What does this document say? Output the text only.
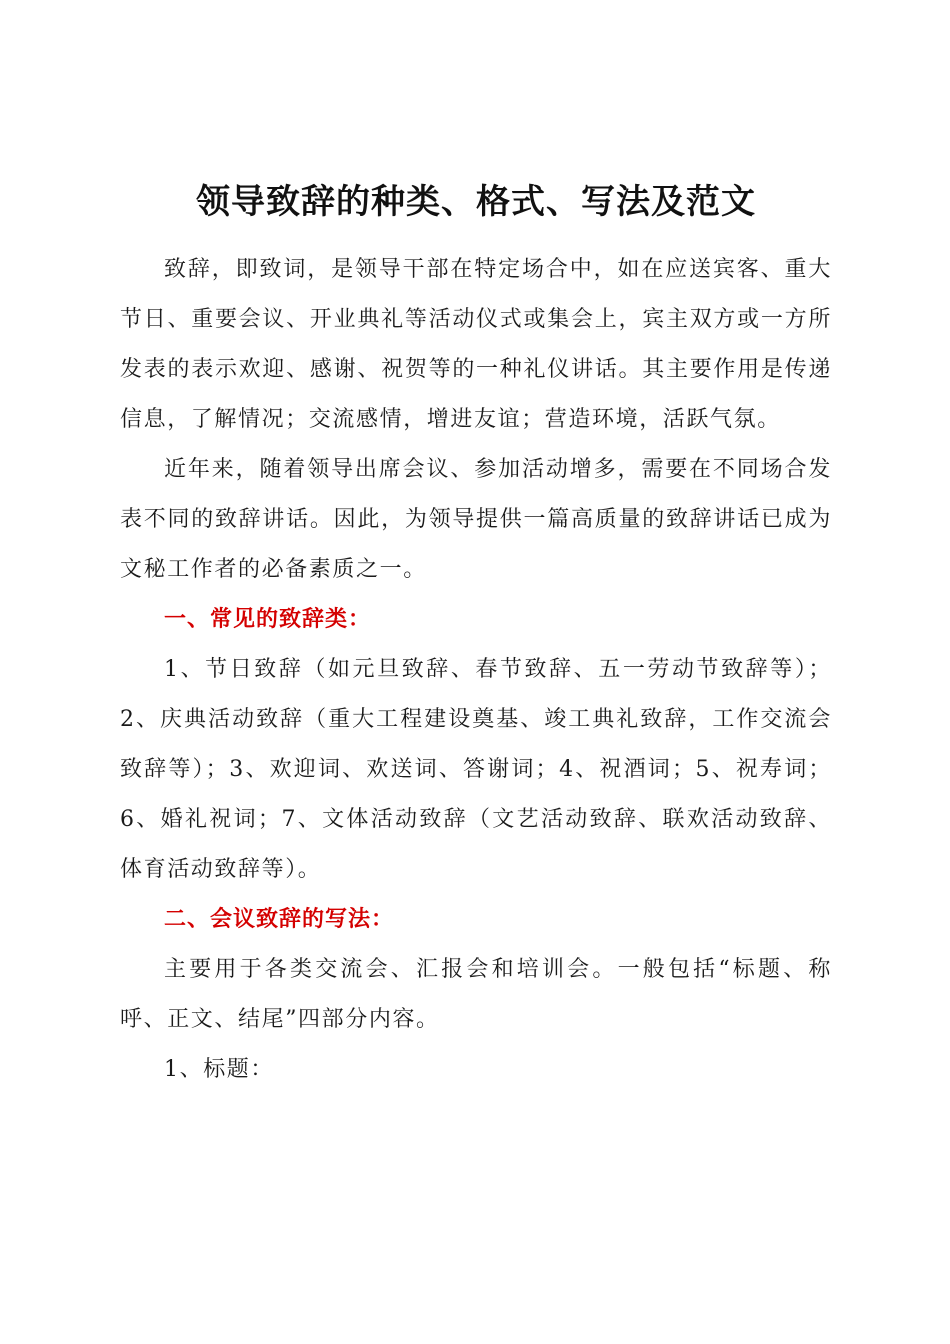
领导致辞的种类、格式、写法及范文

致辞，即致词，是领导干部在特定场合中，如在应送宾客、重大节日、重要会议、开业典礼等活动仪式或集会上，宾主双方或一方所发表的表示欢迎、感谢、祝贺等的一种礼仪讲话。其主要作用是传递信息，了解情况；交流感情，增进友谊；营造环境，活跃气氛。

近年来，随着领导出席会议、参加活动增多，需要在不同场合发表不同的致辞讲话。因此，为领导提供一篇高质量的致辞讲话已成为文秘工作者的必备素质之一。

一、常见的致辞类：

1、节日致辞（如元旦致辞、春节致辞、五一劳动节致辞等）；2、庆典活动致辞（重大工程建设奠基、竣工典礼致辞，工作交流会致辞等）；3、欢迎词、欢送词、答谢词；4、祝酒词；5、祝寿词；6、婚礼祝词；7、文体活动致辞（文艺活动致辞、联欢活动致辞、体育活动致辞等）。

二、会议致辞的写法：

主要用于各类交流会、汇报会和培训会。一般包括“标题、称呼、正文、结尾”四部分内容。

1、标题：
